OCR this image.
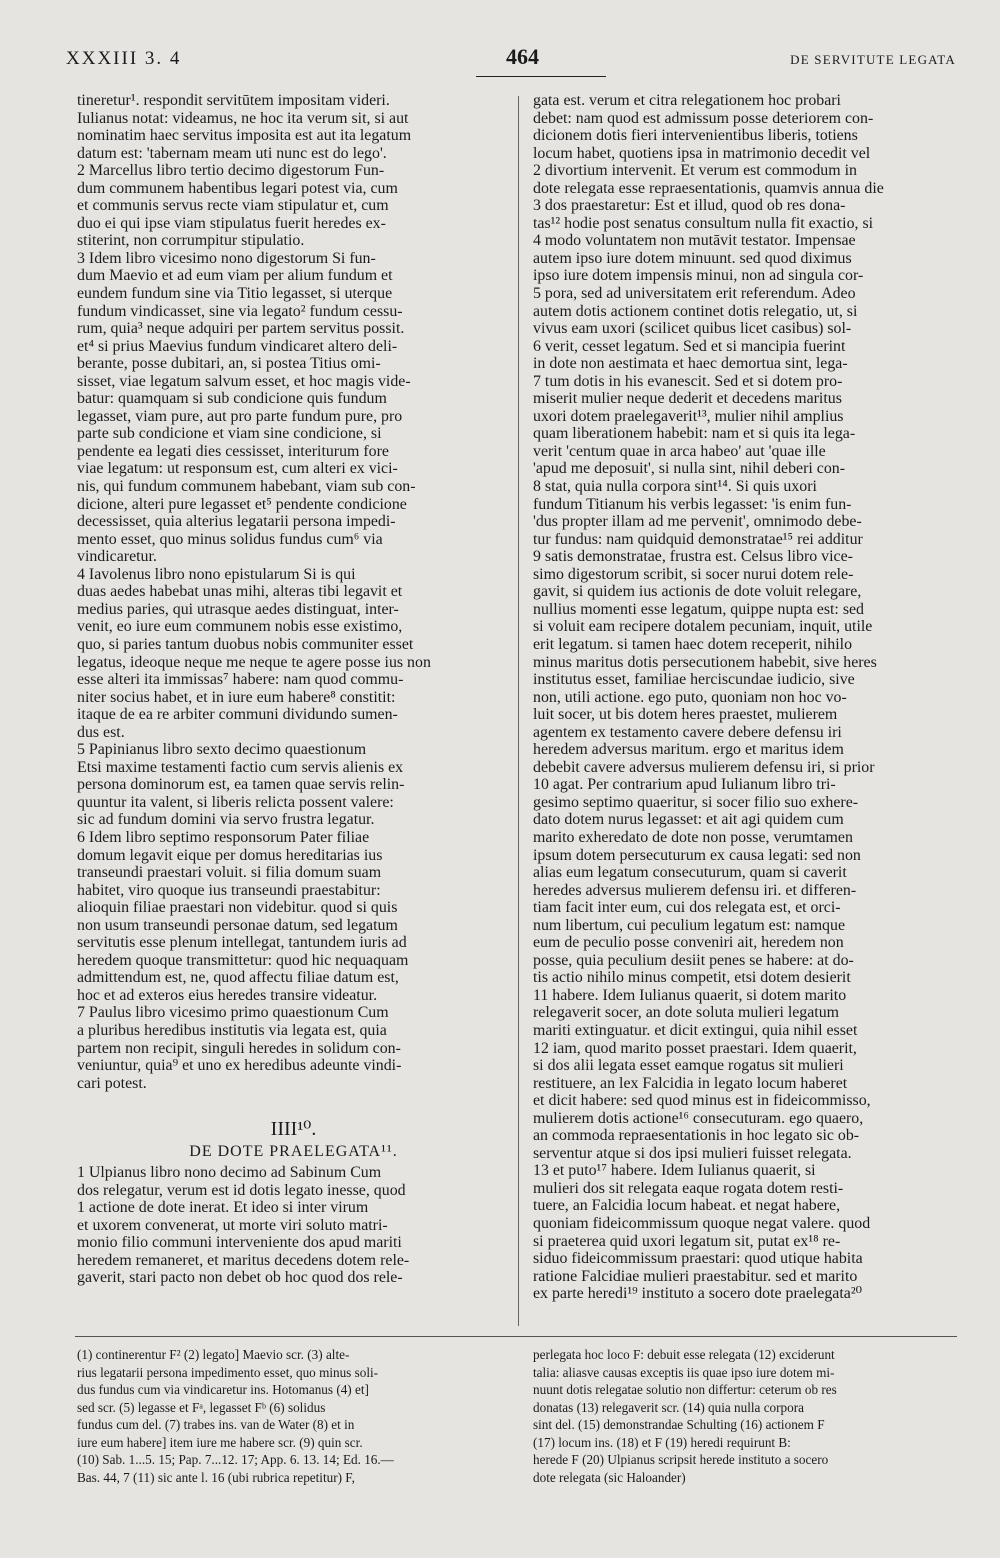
XXXIII 3. 4	464	DE SERVITUTE LEGATA
tineretur¹. respondit servitūtem impositam videri.
Iulianus notat: videamus, ne hoc ita verum sit, si aut
nominatim haec servitus imposita est aut ita legatum
datum est: 'tabernam meam uti nunc est do lego'.
2 Marcellus libro tertio decimo digestorum Fun-
dum communem habentibus legari potest via, cum
et communis servus recte viam stipulatur et, cum
duo ei qui ipse viam stipulatus fuerit heredes ex-
stiterint, non corrumpitur stipulatio.
3 Idem libro vicesimo nono digestorum Si fun-
dum Maevio et ad eum viam per alium fundum et
eundem fundum sine via Titio legasset, si uterque
fundum vindicasset, sine via legato² fundum cessu-
rum, quia³ neque adquiri per partem servitus possit.
et⁴ si prius Maevius fundum vindicaret altero deli-
berante, posse dubitari, an, si postea Titius omi-
sisset, viae legatum salvum esset, et hoc magis vide-
batur: quamquam si sub condicione quis fundum
legasset, viam pure, aut pro parte fundum pure, pro
parte sub condicione et viam sine condicione, si
pendente ea legati dies cessisset, interiturum fore
viae legatum: ut responsum est, cum alteri ex vici-
nis, qui fundum communem habebant, viam sub con-
dicione, alteri pure legasset et⁵ pendente condicione
decessisset, quia alterius legatarii persona impedi-
mento esset, quo minus solidus fundus cum⁶ via
vindicaretur.
4 Iavolenus libro nono epistularum Si is qui
duas aedes habebat unas mihi, alteras tibi legavit et
medius paries, qui utrasque aedes distinguat, inter-
venit, eo iure eum communem nobis esse existimo,
quo, si paries tantum duobus nobis communiter esset
legatus, ideoque neque me neque te agere posse ius non
esse alteri ita immissas⁷ habere: nam quod commu-
niter socius habet, et in iure eum habere⁸ constitit:
itaque de ea re arbiter communi dividundo sumen-
dus est.
5 Papinianus libro sexto decimo quaestionum
Etsi maxime testamenti factio cum servis alienis ex
persona dominorum est, ea tamen quae servis relin-
quuntur ita valent, si liberis relicta possent valere:
sic ad fundum domini via servo frustra legatur.
6 Idem libro septimo responsorum Pater filiae
domum legavit eique per domus hereditarias ius
transeundi praestari voluit. si filia domum suam
habitet, viro quoque ius transeundi praestabitur:
alioquin filiae praestari non videbitur. quod si quis
non usum transeundi personae datum, sed legatum
servitutis esse plenum intellegat, tantundem iuris ad
heredem quoque transmittetur: quod hic nequaquam
admittendum est, ne, quod affectu filiae datum est,
hoc et ad exteros eius heredes transire videatur.
7 Paulus libro vicesimo primo quaestionum Cum
a pluribus heredibus institutis via legata est, quia
partem non recipit, singuli heredes in solidum con-
veniuntur, quia⁹ et uno ex heredibus adeunte vindi-
cari potest.
IIII¹⁰.
DE DOTE PRAELEGATA¹¹.
1 Ulpianus libro nono decimo ad Sabinum Cum
dos relegatur, verum est id dotis legato inesse, quod
1 actione de dote inerat. Et ideo si inter virum
et uxorem convenerat, ut morte viri soluto matri-
monio filio communi interveniente dos apud mariti
heredem remaneret, et maritus decedens dotem rele-
gaverit, stari pacto non debet ob hoc quod dos rele-
gata est. verum et citra relegationem hoc probari
debet: nam quod est admissum posse deteriorem con-
dicionem dotis fieri intervenientibus liberis, totiens
locum habet, quotiens ipsa in matrimonio decedit vel
2 divortium intervenit. Et verum est commodum in
dote relegata esse repraesentationis, quamvis annua die
3 dos praestaretur: Est et illud, quod ob res dona-
tas¹² hodie post senatus consultum nulla fit exactio, si
4 modo voluntatem non mutāvit testator. Impensae
autem ipso iure dotem minuunt. sed quod diximus
ipso iure dotem impensis minui, non ad singula cor-
5 pora, sed ad universitatem erit referendum. Adeo
autem dotis actionem continet dotis relegatio, ut, si
vivus eam uxori (scilicet quibus licet casibus) sol-
6 verit, cesset legatum. Sed et si mancipia fuerint
in dote non aestimata et haec demortua sint, lega-
7 tum dotis in his evanescit. Sed et si dotem pro-
miserit mulier neque dederit et decedens maritus
uxori dotem praelegaverit¹³, mulier nihil amplius
quam liberationem habebit: nam et si quis ita lega-
verit 'centum quae in arca habeo' aut 'quae ille
'apud me deposuit', si nulla sint, nihil deberi con-
8 stat, quia nulla corpora sint¹⁴. Si quis uxori
fundum Titianum his verbis legasset: 'is enim fun-
'dus propter illam ad me pervenit', omnimodo debe-
tur fundus: nam quidquid demonstratae¹⁵ rei additur
9 satis demonstratae, frustra est. Celsus libro vice-
simo digestorum scribit, si socer nurui dotem rele-
gavit, si quidem ius actionis de dote voluit relegare,
nullius momenti esse legatum, quippe nupta est: sed
si voluit eam recipere dotalem pecuniam, inquit, utile
erit legatum. si tamen haec dotem receperit, nihilo
minus maritus dotis persecutionem habebit, sive heres
institutus esset, familiae herciscundae iudicio, sive
non, utili actione. ego puto, quoniam non hoc vo-
luit socer, ut bis dotem heres praestet, mulierem
agentem ex testamento cavere debere defensu iri
heredem adversus maritum. ergo et maritus idem
debebit cavere adversus mulierem defensu iri, si prior
10 agat. Per contrarium apud Iulianum libro tri-
gesimo septimo quaeritur, si socer filio suo exhere-
dato dotem nurus legasset: et ait agi quidem cum
marito exheredato de dote non posse, verumtamen
ipsum dotem persecuturum ex causa legati: sed non
alias eum legatum consecuturum, quam si caverit
heredes adversus mulierem defensu iri. et differen-
tiam facit inter eum, cui dos relegata est, et orci-
num libertum, cui peculium legatum est: namque
eum de peculio posse conveniri ait, heredem non
posse, quia peculium desiit penes se habere: at do-
tis actio nihilo minus competit, etsi dotem desierit
11 habere. Idem Iulianus quaerit, si dotem marito
relegaverit socer, an dote soluta mulieri legatum
mariti extinguatur. et dicit extingui, quia nihil esset
12 iam, quod marito posset praestari. Idem quaerit,
si dos alii legata esset eamque rogatus sit mulieri
restituere, an lex Falcidia in legato locum haberet
et dicit habere: sed quod minus est in fideicommisso,
mulierem dotis actione¹⁶ consecuturam. ego quaero,
an commoda repraesentationis in hoc legato sic ob-
serventur atque si dos ipsi mulieri fuisset relegata.
13 et puto¹⁷ habere. Idem Iulianus quaerit, si
mulieri dos sit relegata eaque rogata dotem resti-
tuere, an Falcidia locum habeat. et negat habere,
quoniam fideicommissum quoque negat valere. quod
si praeterea quid uxori legatum sit, putat ex¹⁸ re-
siduo fideicommissum praestari: quod utique habita
ratione Falcidiae mulieri praestabitur. sed et marito
ex parte heredi¹⁹ instituto a socero dote praelegata²⁰
(1) continerentur F² (2) legato] Maevio scr. (3) alte-
rius legatarii persona impedimento esset, quo minus soli-
dus fundus cum via vindicaretur ins. Hotomanus (4) et]
sed scr. (5) legasse et Fᵃ, legasset Fᵇ (6) solidus
fundus cum del. (7) trabes ins. van de Water (8) et in
iure eum habere] item iure me habere scr. (9) quin scr.
(10) Sab. 1...5. 15; Pap. 7...12. 17; App. 6. 13. 14; Ed. 16.—
Bas. 44, 7 (11) sic ante l. 16 (ubi rubrica repetitur) F,
perlegata hoc loco F: debuit esse relegata (12) exciderunt
talia: aliasve causas exceptis iis quae ipso iure dotem mi-
nuunt dotis relegatae solutio non differtur: ceterum ob res
donatas (13) relegaverit scr. (14) quia nulla corpora
sint del. (15) demonstrandae Schulting (16) actionem F
(17) locum ins. (18) et F (19) heredi requirunt B:
herede F (20) Ulpianus scripsit herede instituto a socero
dote relegata (sic Haloander)
